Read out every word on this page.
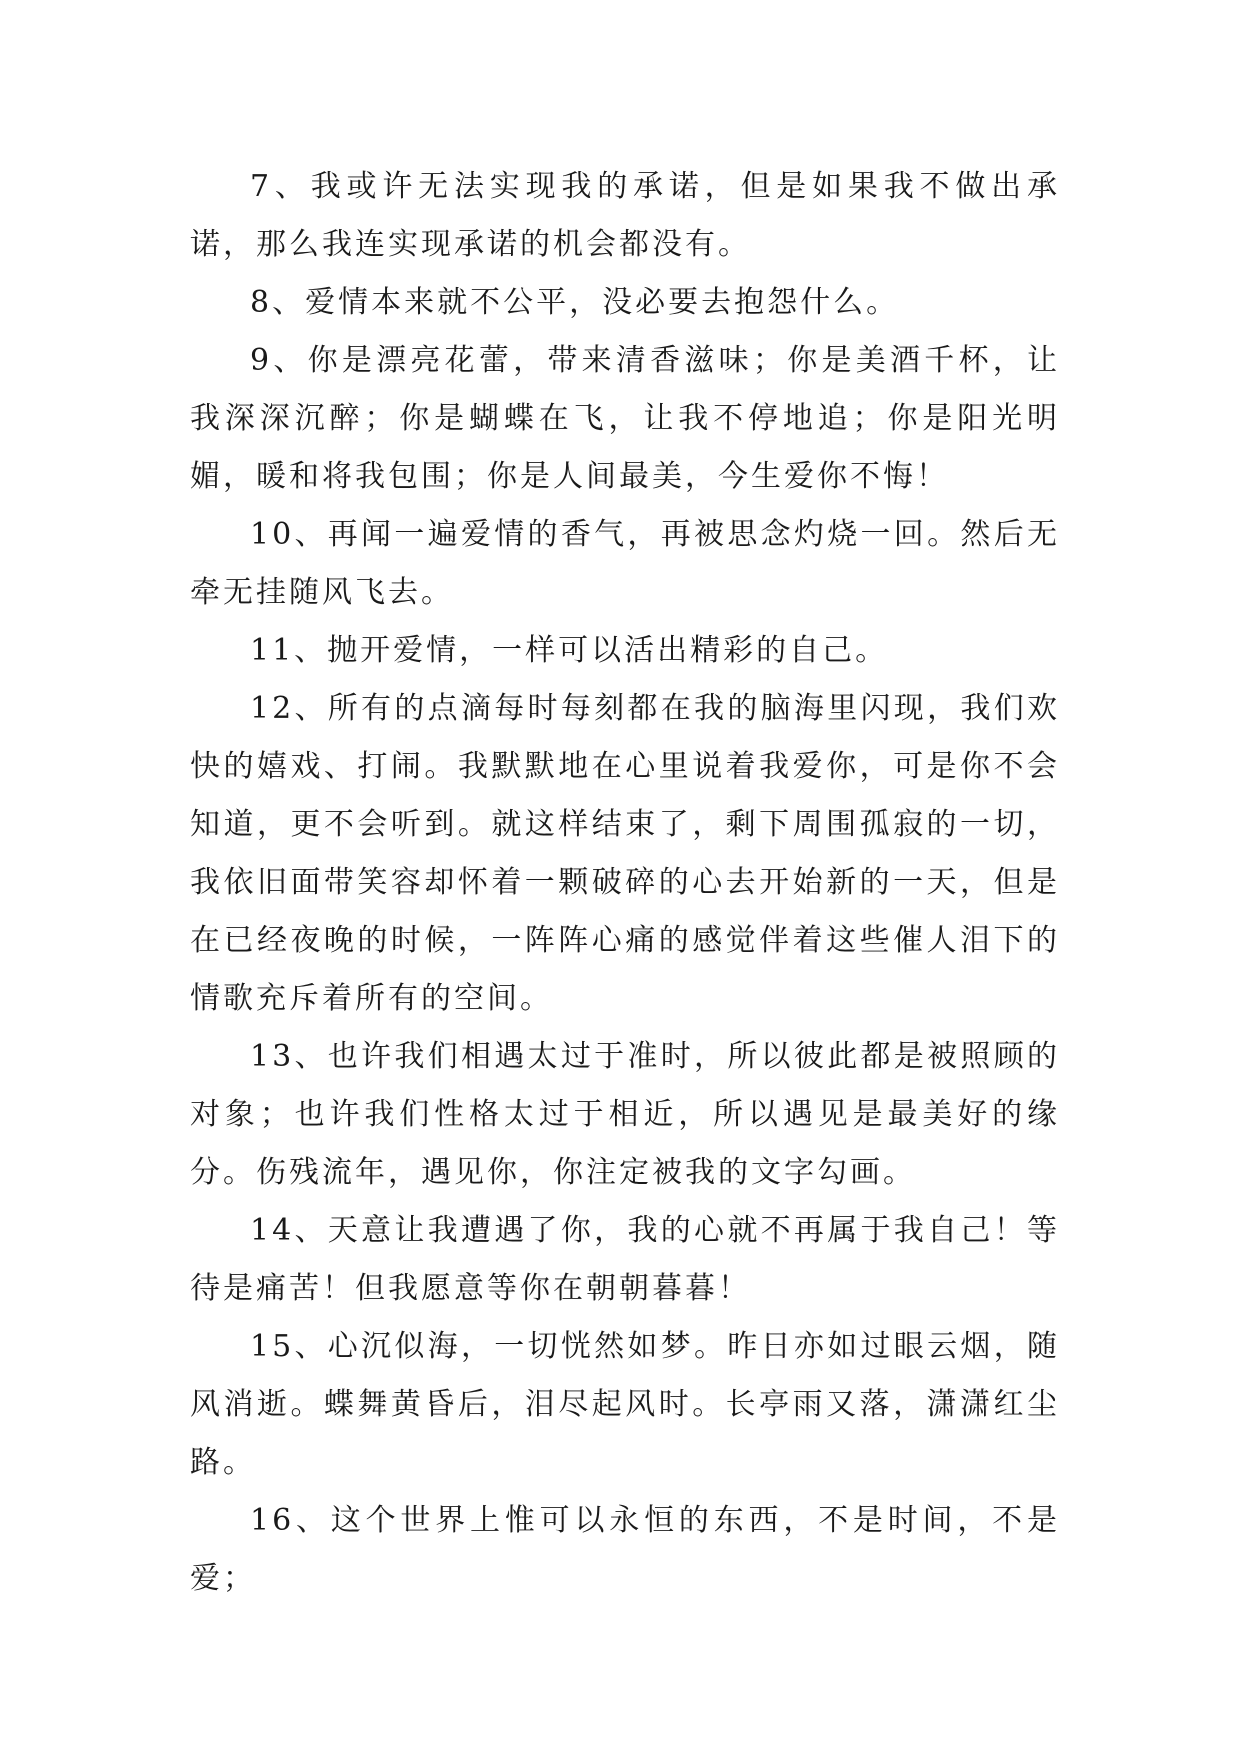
7、我或许无法实现我的承诺，但是如果我不做出承诺，那么我连实现承诺的机会都没有。

8、爱情本来就不公平，没必要去抱怨什么。

9、你是漂亮花蕾，带来清香滋味；你是美酒千杯，让我深深沉醉；你是蝴蝶在飞，让我不停地追；你是阳光明媚，暖和将我包围；你是人间最美，今生爱你不悔！

10、再闻一遍爱情的香气，再被思念灼烧一回。然后无牵无挂随风飞去。

11、抛开爱情，一样可以活出精彩的自己。

12、所有的点滴每时每刻都在我的脑海里闪现，我们欢快的嬉戏、打闹。我默默地在心里说着我爱你，可是你不会知道，更不会听到。就这样结束了，剩下周围孤寂的一切，我依旧面带笑容却怀着一颗破碎的心去开始新的一天，但是在已经夜晚的时候，一阵阵心痛的感觉伴着这些催人泪下的情歌充斥着所有的空间。

13、也许我们相遇太过于准时，所以彼此都是被照顾的对象；也许我们性格太过于相近，所以遇见是最美好的缘分。伤残流年，遇见你，你注定被我的文字勾画。

14、天意让我遭遇了你，我的心就不再属于我自己！等待是痛苦！但我愿意等你在朝朝暮暮！

15、心沉似海，一切恍然如梦。昨日亦如过眼云烟，随风消逝。蝶舞黄昏后，泪尽起风时。长亭雨又落，潇潇红尘路。

16、这个世界上惟可以永恒的东西，不是时间，不是爱；
